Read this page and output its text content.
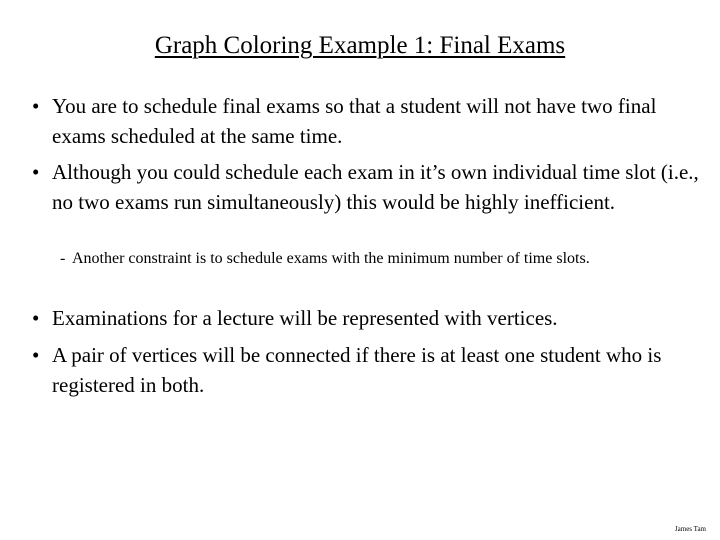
Graph Coloring Example 1: Final Exams
• You are to schedule final exams so that a student will not have two final exams scheduled at the same time.
• Although you could schedule each exam in it’s own individual time slot (i.e., no two exams run simultaneously) this would be highly inefficient.
- Another constraint is to schedule exams with the minimum number of time slots.
• Examinations for a lecture will be represented with vertices.
• A pair of vertices will be connected if there is at least one student who is registered in both.
James Tam
